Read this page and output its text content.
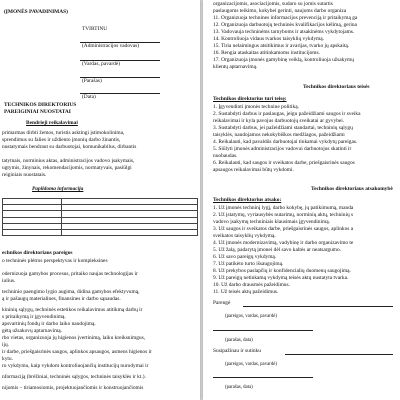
(ĮMONĖS PAVADINIMAS)
TVIRTINU
(Administracijos vadovas)
(Vardas, pavardė)
(Parašas)
(Data)
TECHNIKOS DIREKTORIUS
PAREIGINIAI NUOSTATAI
Bendrieji reikalavimai
primarmas dirbti žemos, turistis asktingi įstimokolinima,
sprendimus su falies ir uždiento įmonių darbo žinantis,
nustatymais bendraut su darbuotojai, komunikabilus, dirbantis
tatytnais, norminius aktas, administracijos vadovo įsakymais,
ugtymis, žinynais, rekomendacijomis, normatyvais, pasiūlgi
reiginiais nuostatais.
Papildoma informacija

echnikos direktoriaus pareigos
o techninės plėtros perspektyvas ir kompleksines
odernizuoja gamybos procesus, pritaiko naujas technologijas ir
iulius.
techninio paengimo lygio augima, didina gamybos efektyvumą,
ą ir pašaugų materialines, finansines ir darbo sąnaudas.
kininių sąlygų, techninės estetikos reikalavimus atitikmą darbų ir
s pritaikymą ir įgyvendinimą.
apsvartinių fondų ir darbo laiko naudojimą.
gėtą užsakovų aptarnavimą.
rbo vietas, organizuoja jų higienos įvertinimą, laiku kreiksnimgus,
ijų.
ir darbe, priešgaisrinės saugos, aplinkos apsaugos, asmens higienos ir
kytu.
ro vykdymu, kaip vykdom kontroliuojančių institucijų nurodymai ir
nformaciją (brėžiniai, techninės sąlygos, techninės taisyklės ir kt.).
nijomis – tiriamosiomis, projektuojančiomis ir konstruojančiomis
organizacijomis, asociacijomis, sudaro su jomis sutartis
paslaugoms teikimo, kokybei gerinti, naujoms darbo organiza
11. Organizuoja technines informacijos prevenciją ir pritaikymą ga
12. Organizuoja darbuotojų techninės kvalifikacijos kėlimą, gerina
13. Vadovauja techninėms tarnyboms ir atsakinėms vykdytojams.
14. Kontroliuoja vidaus tvarkos taisyklių vykdymą.
15. Tiria nelaimingus atsitikimus ir avarijas, tvarko jų apskaitą.
16. Rengia ataskaitas atitinkamoms institucijoms.
17. Organizuoja įmonės gamybinę veiklą, kontroliuoja užsakymų
klientų aptarnavimą.
Technikos direktoriaus teisės
Technikos direktorius turi teisę:
1. Įgyvendinti įmonės technine politiką.
2. Sustabdyti darbus ir paslaugas, jeigu pažeidžiami saugos ir sveika
reikalavimai ir kyla pavojus darbuotojų sveikatai ar gyvybei.
3. Sustabdyti darbus, jei pažeidžiami standartai, techninių sąlygų
taisyklės, naudojamos nekokybiškos medžiagos, pažeidžiami
4. Reikalauti, kad pavaldūs darbuotojai tinkamai vykdytų pareigas.
5. Siūlyti įmonės administracijos vadovui darbuotojus skatinti ir
nuobaudas.
6. Reikalauti, kad saugos ir sveikatos darbe, priešgaisrinės saugos
apsaugos reikalavimai būtų vykdomi.
Technikos direktoriaus atsakomybė
Technikos direktorius atsako:
1. Už įmonės techninį lygį, darbo kokybę, jų patikimumą, manda
2. Už įstatymų, vyriausybės nutarimų, norminių aktų, techninių s
vadovo įsakymų techniniais klausimais įgyvendinimą.
3. Už saugos ir sveikatos darbe, priešgaisrinės saugos, aplinkos a
sveikatos taisyklių vykdymą.
4. Už įmonės modernizavimą, vadybinę ir darbo organizavimo te
5. Už žalą, padarytą įmonei dėl savo kaltės ar neatsargumo.
6. Už savo pareigų vykdymą.
7. Už patikėto turto išsaugojimą.
8. Už prekybos paslapčių ir konfidencialių duomenų saugojimą.
9. Už pareigų netinkamą vykdymą teisės aktų nustatyta tvarka.
10. Už darbo drausmės pažeidimus.
11. Už teisės aktų pažeidimus.
Parengė
(pareigos, vardas, pavardė)
(parašas, data)
Susipažinau ir sutinku
(pareigos, vardas, pavardė)
(parašas, data)
